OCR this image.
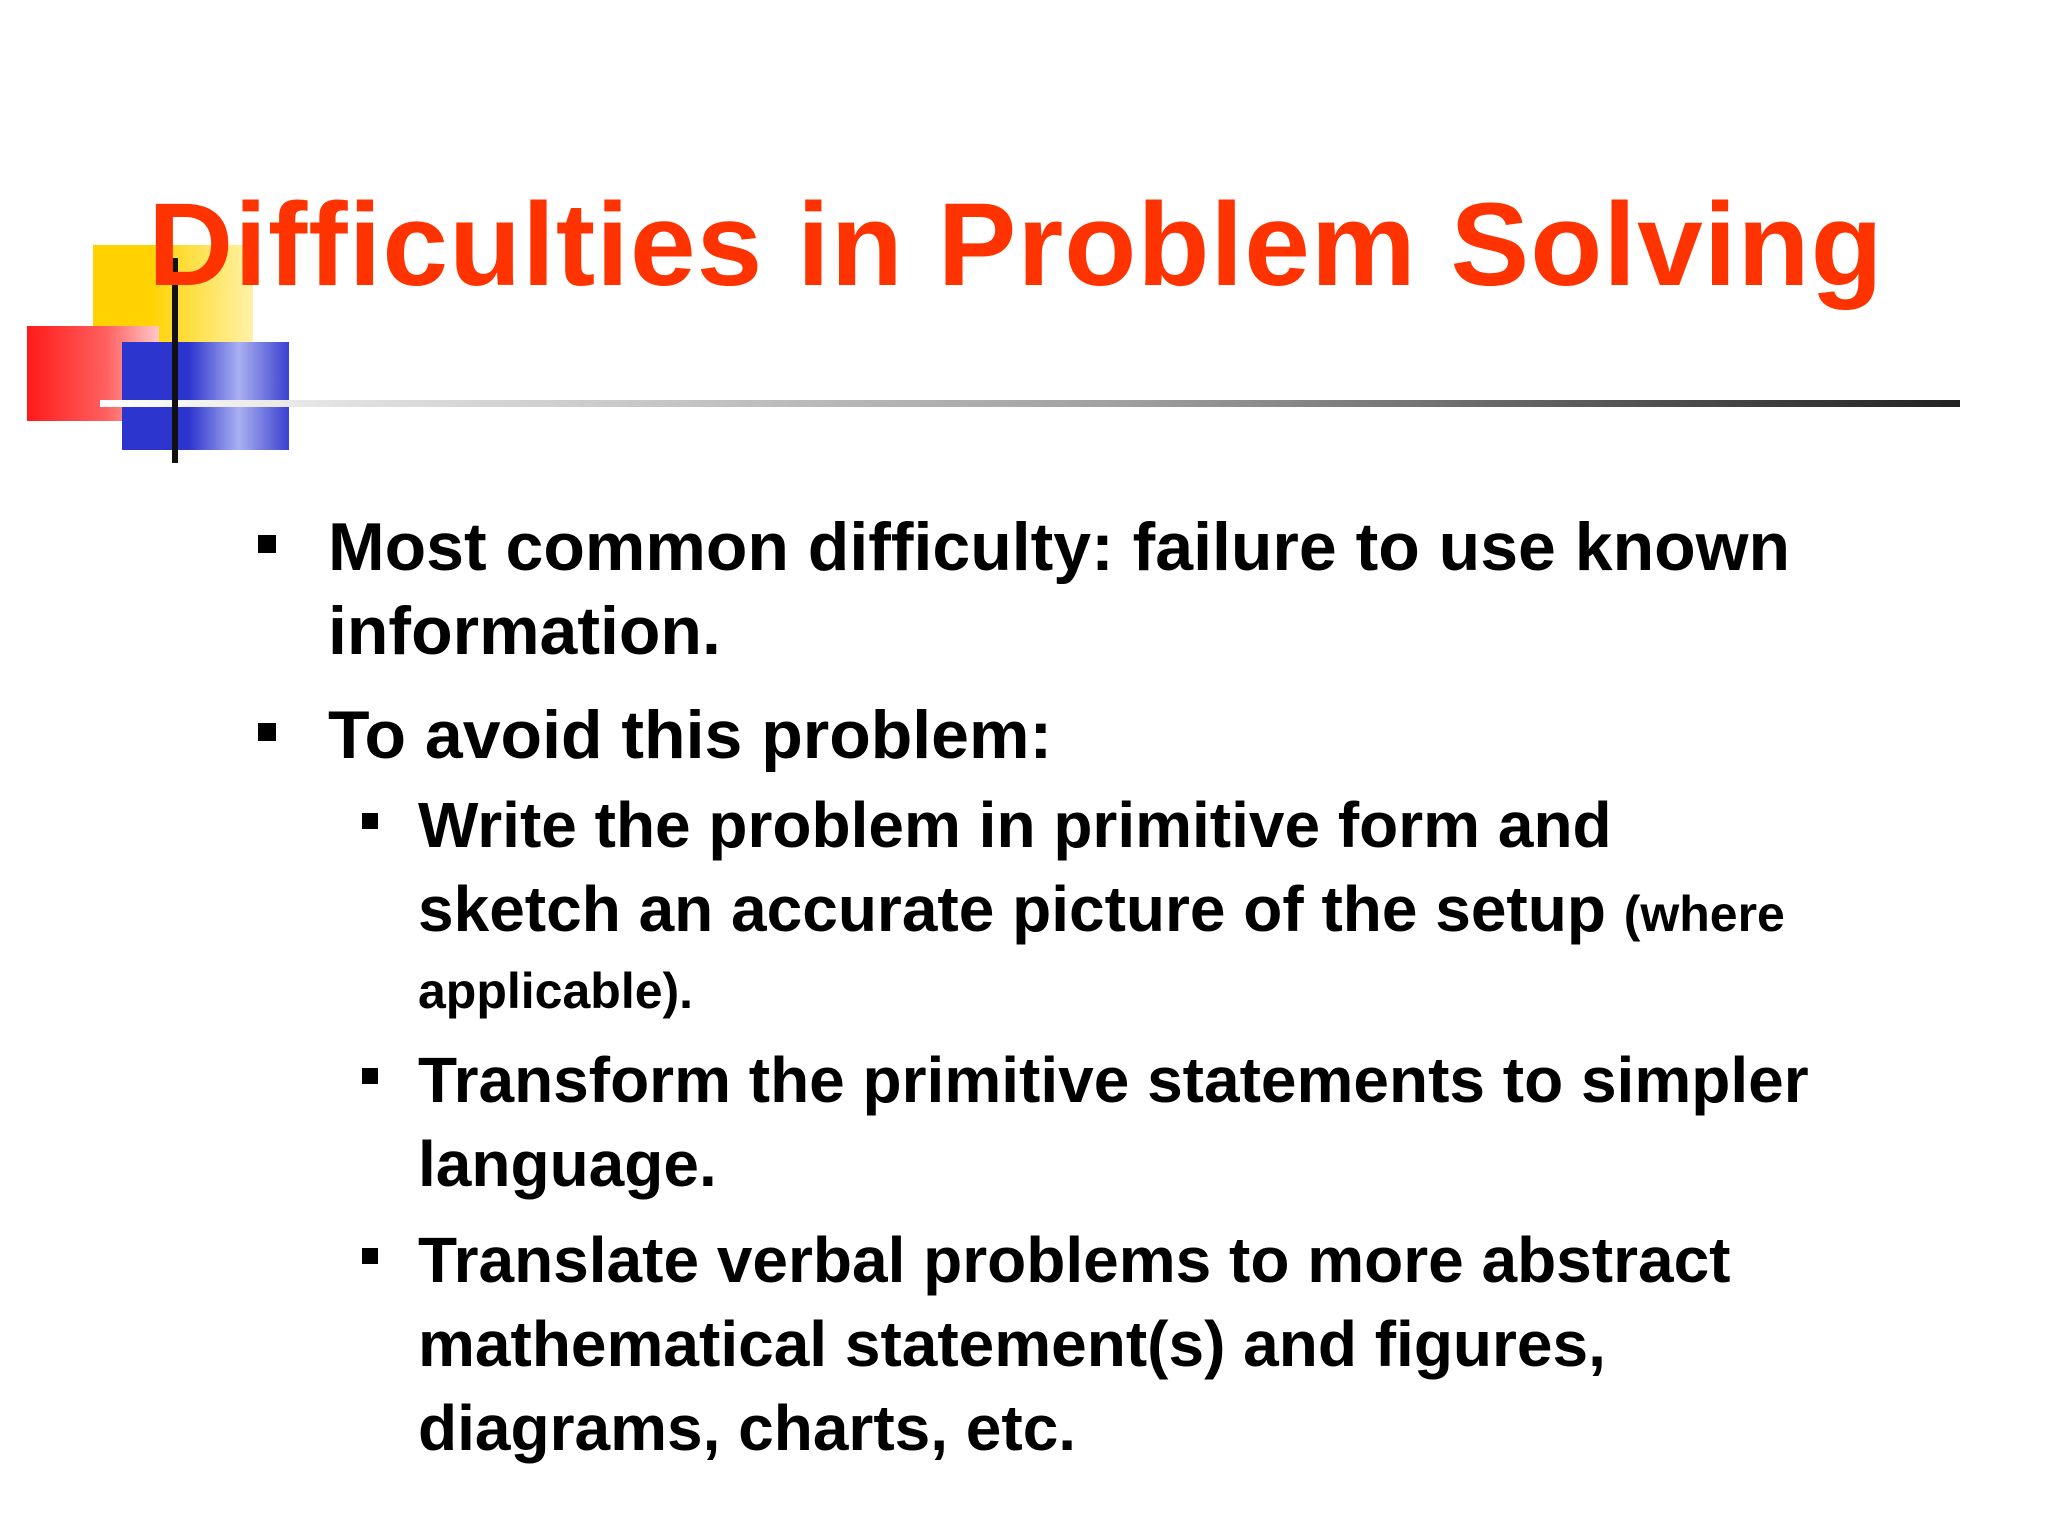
Difficulties in Problem Solving
Most common difficulty: failure to use known
information.
To avoid this problem:
Write the problem in primitive form and
sketch an accurate picture of the setup (where
applicable).
Transform the primitive statements to simpler
language.
Translate verbal problems to more abstract
mathematical statement(s) and figures,
diagrams, charts, etc.
